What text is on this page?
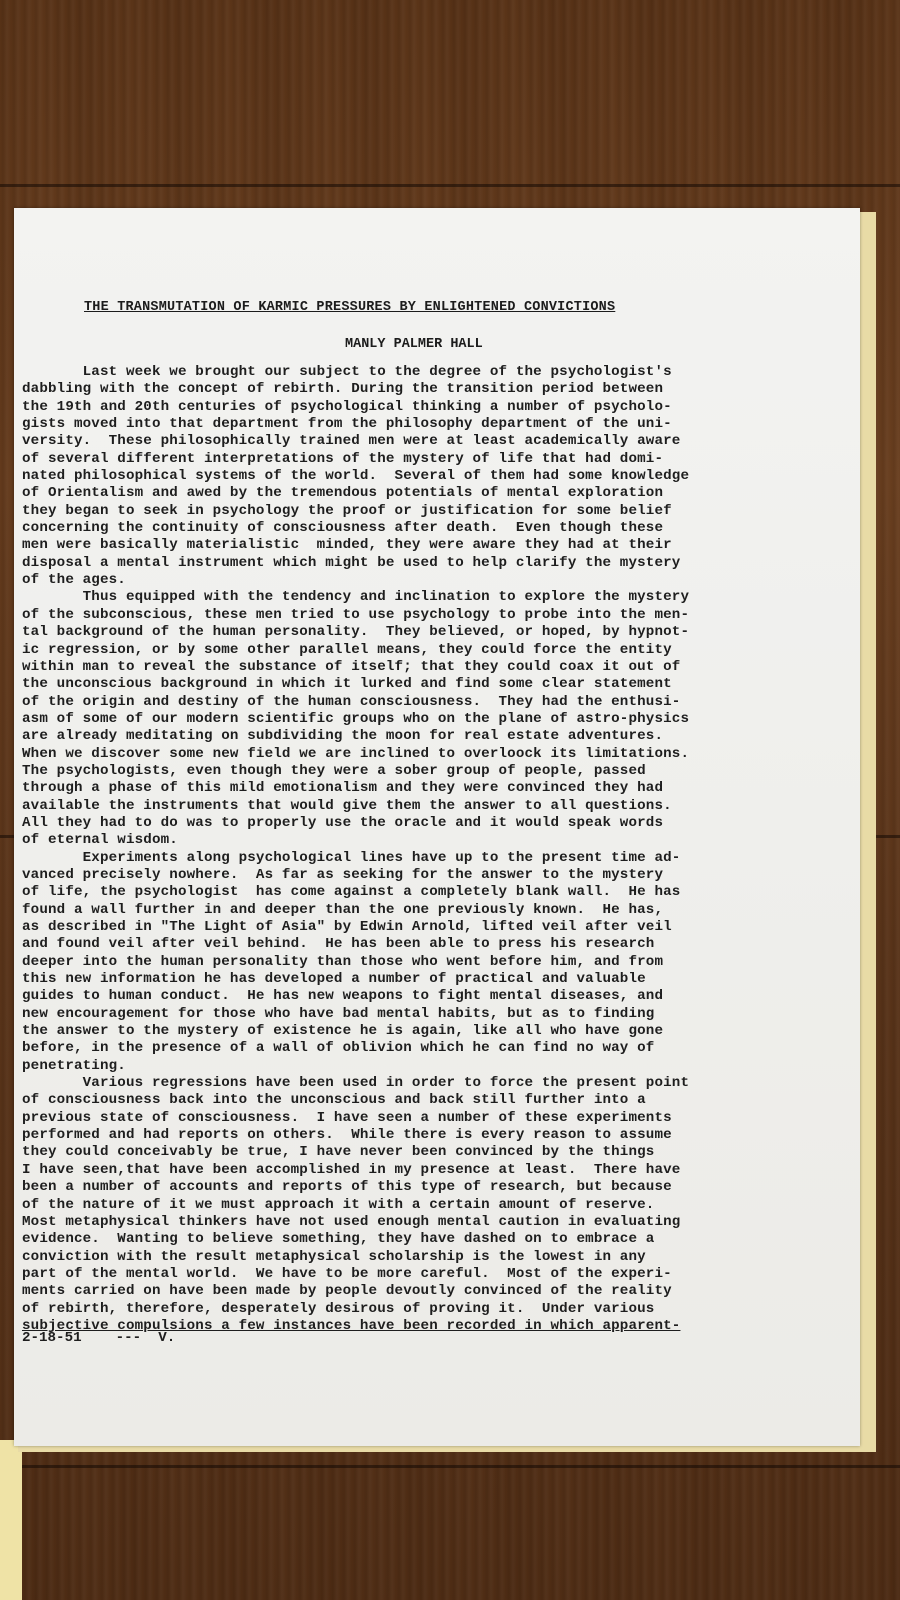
THE TRANSMUTATION OF KARMIC PRESSURES BY ENLIGHTENED CONVICTIONS
MANLY PALMER HALL
Last week we brought our subject to the degree of the psychologist's
dabbling with the concept of rebirth. During the transition period between
the 19th and 20th centuries of psychological thinking a number of psycholo-
gists moved into that department from the philosophy department of the uni-
versity.  These philosophically trained men were at least academically aware
of several different interpretations of the mystery of life that had domi-
nated philosophical systems of the world.  Several of them had some knowledge
of Orientalism and awed by the tremendous potentials of mental exploration
they began to seek in psychology the proof or justification for some belief
concerning the continuity of consciousness after death.  Even though these
men were basically materialistic  minded, they were aware they had at their
disposal a mental instrument which might be used to help clarify the mystery
of the ages.
Thus equipped with the tendency and inclination to explore the mystery
of the subconscious, these men tried to use psychology to probe into the men-
tal background of the human personality.  They believed, or hoped, by hypnot-
ic regression, or by some other parallel means, they could force the entity
within man to reveal the substance of itself; that they could coax it out of
the unconscious background in which it lurked and find some clear statement
of the origin and destiny of the human consciousness.  They had the enthusi-
asm of some of our modern scientific groups who on the plane of astro-physics
are already meditating on subdividing the moon for real estate adventures.
When we discover some new field we are inclined to overloock its limitations.
The psychologists, even though they were a sober group of people, passed
through a phase of this mild emotionalism and they were convinced they had
available the instruments that would give them the answer to all questions.
All they had to do was to properly use the oracle and it would speak words
of eternal wisdom.
Experiments along psychological lines have up to the present time ad-
vanced precisely nowhere.  As far as seeking for the answer to the mystery
of life, the psychologist  has come against a completely blank wall.  He has
found a wall further in and deeper than the one previously known.  He has,
as described in "The Light of Asia" by Edwin Arnold, lifted veil after veil
and found veil after veil behind.  He has been able to press his research
deeper into the human personality than those who went before him, and from
this new information he has developed a number of practical and valuable
guides to human conduct.  He has new weapons to fight mental diseases, and
new encouragement for those who have bad mental habits, but as to finding
the answer to the mystery of existence he is again, like all who have gone
before, in the presence of a wall of oblivion which he can find no way of
penetrating.
Various regressions have been used in order to force the present point
of consciousness back into the unconscious and back still further into a
previous state of consciousness.  I have seen a number of these experiments
performed and had reports on others.  While there is every reason to assume
they could conceivably be true, I have never been convinced by the things
I have seen,that have been accomplished in my presence at least.  There have
been a number of accounts and reports of this type of research, but because
of the nature of it we must approach it with a certain amount of reserve.
Most metaphysical thinkers have not used enough mental caution in evaluating
evidence.  Wanting to believe something, they have dashed on to embrace a
conviction with the result metaphysical scholarship is the lowest in any
part of the mental world.  We have to be more careful.  Most of the experi-
ments carried on have been made by people devoutly convinced of the reality
of rebirth, therefore, desperately desirous of proving it.  Under various
subjective compulsions a few instances have been recorded in which apparent-

2-18-51    ---  V.
